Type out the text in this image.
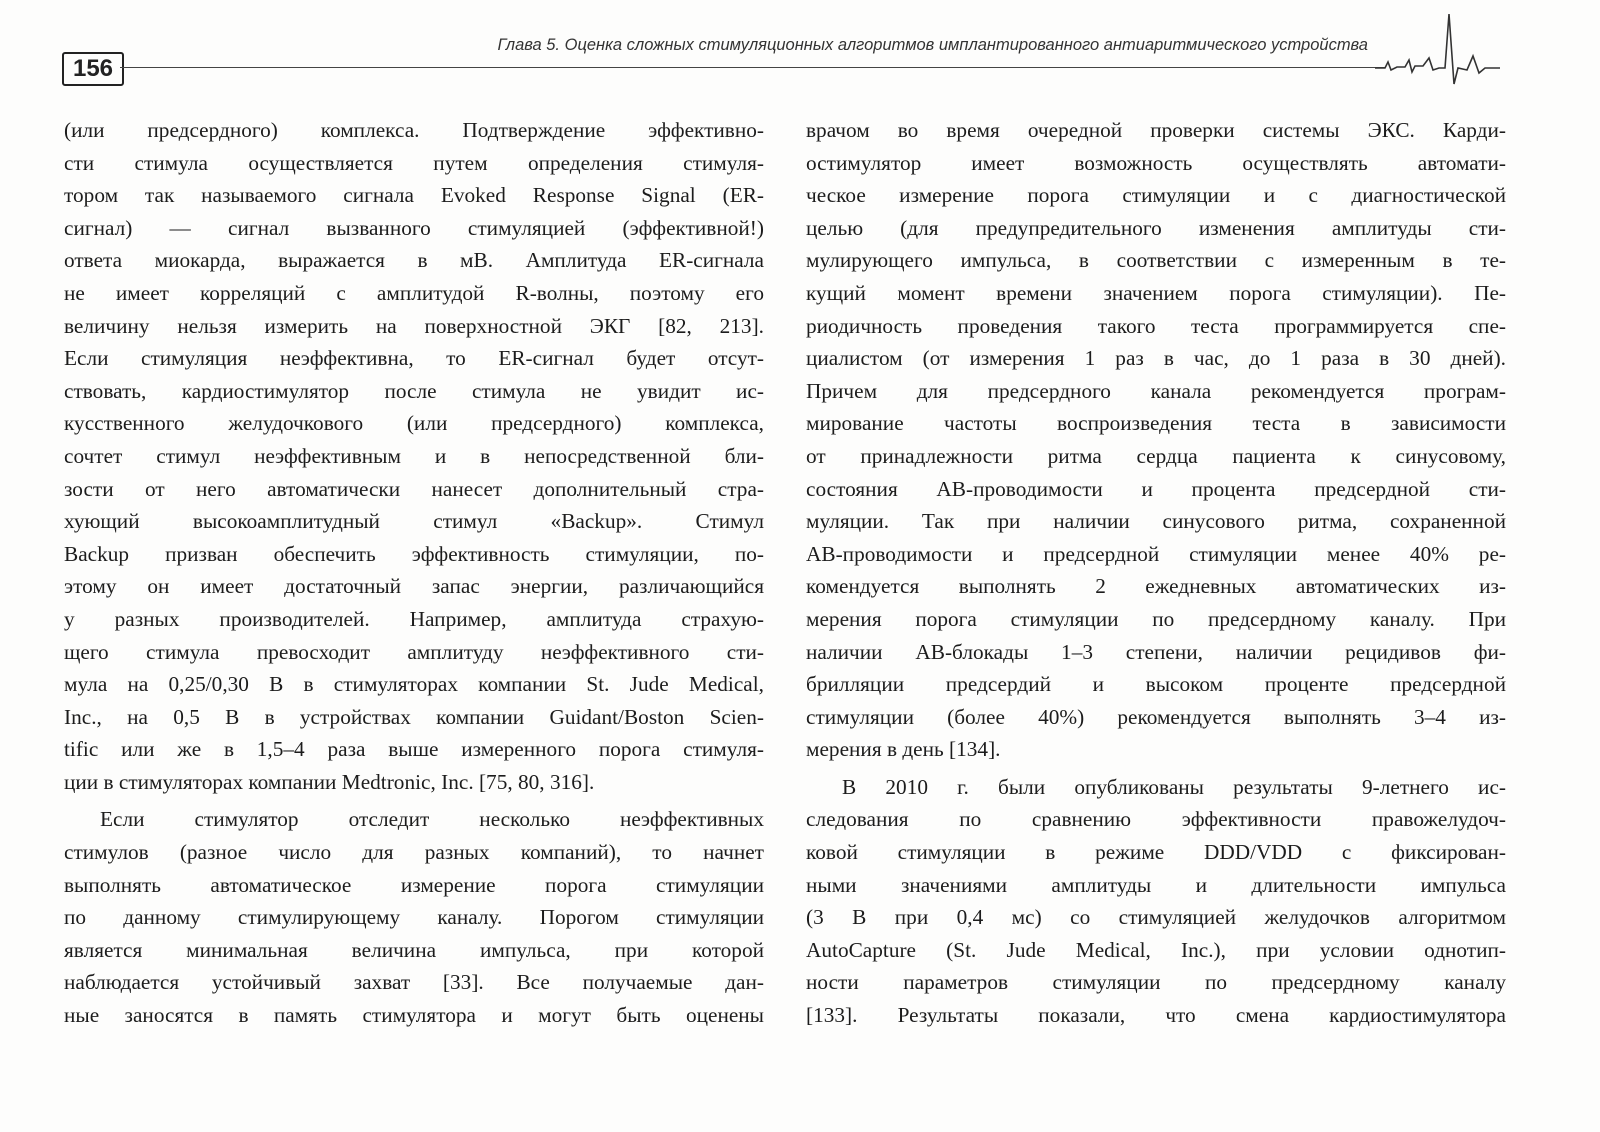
156
Глава 5. Оценка сложных стимуляционных алгоритмов имплантированного антиаритмического устройства
(или предсердного) комплекса. Подтверждение эффективно-
сти стимула осуществляется путем определения стимуля-
тором так называемого сигнала Evoked Response Signal (ER-
сигнал) — сигнал вызванного стимуляцией (эффективной!)
ответа миокарда, выражается в мВ. Амплитуда ER-сигнала
не имеет корреляций с амплитудой R-волны, поэтому его
величину нельзя измерить на поверхностной ЭКГ [82, 213].
Если стимуляция неэффективна, то ER-сигнал будет отсут-
ствовать, кардиостимулятор после стимула не увидит ис-
кусственного желудочкового (или предсердного) комплекса,
сочтет стимул неэффективным и в непосредственной бли-
зости от него автоматически нанесет дополнительный стра-
хующий высокоамплитудный стимул «Backup». Стимул
Backup призван обеспечить эффективность стимуляции, по-
этому он имеет достаточный запас энергии, различающийся
у разных производителей. Например, амплитуда страхую-
щего стимула превосходит амплитуду неэффективного сти-
мула на 0,25/0,30 В в стимуляторах компании St. Jude Medical,
Inc., на 0,5 В в устройствах компании Guidant/Boston Scien-
tific или же в 1,5–4 раза выше измеренного порога стимуля-
ции в стимуляторах компании Medtronic, Inc. [75, 80, 316].
Если стимулятор отследит несколько неэффективных
стимулов (разное число для разных компаний), то начнет
выполнять автоматическое измерение порога стимуляции
по данному стимулирующему каналу. Порогом стимуляции
является минимальная величина импульса, при которой
наблюдается устойчивый захват [33]. Все получаемые дан-
ные заносятся в память стимулятора и могут быть оценены
врачом во время очередной проверки системы ЭКС. Карди-
остимулятор имеет возможность осуществлять автомати-
ческое измерение порога стимуляции и с диагностической
целью (для предупредительного изменения амплитуды сти-
мулирующего импульса, в соответствии с измеренным в те-
кущий момент времени значением порога стимуляции). Пе-
риодичность проведения такого теста программируется спе-
циалистом (от измерения 1 раз в час, до 1 раза в 30 дней).
Причем для предсердного канала рекомендуется програм-
мирование частоты воспроизведения теста в зависимости
от принадлежности ритма сердца пациента к синусовому,
состояния АВ-проводимости и процента предсердной сти-
муляции. Так при наличии синусового ритма, сохраненной
АВ-проводимости и предсердной стимуляции менее 40% ре-
комендуется выполнять 2 ежедневных автоматических из-
мерения порога стимуляции по предсердному каналу. При
наличии АВ-блокады 1–3 степени, наличии рецидивов фи-
брилляции предсердий и высоком проценте предсердной
стимуляции (более 40%) рекомендуется выполнять 3–4 из-
мерения в день [134].
В 2010 г. были опубликованы результаты 9-летнего ис-
следования по сравнению эффективности правожелудоч-
ковой стимуляции в режиме DDD/VDD с фиксирован-
ными значениями амплитуды и длительности импульса
(3 В при 0,4 мс) со стимуляцией желудочков алгоритмом
AutoCapture (St. Jude Medical, Inc.), при условии однотип-
ности параметров стимуляции по предсердному каналу
[133]. Результаты показали, что смена кардиостимулятора
